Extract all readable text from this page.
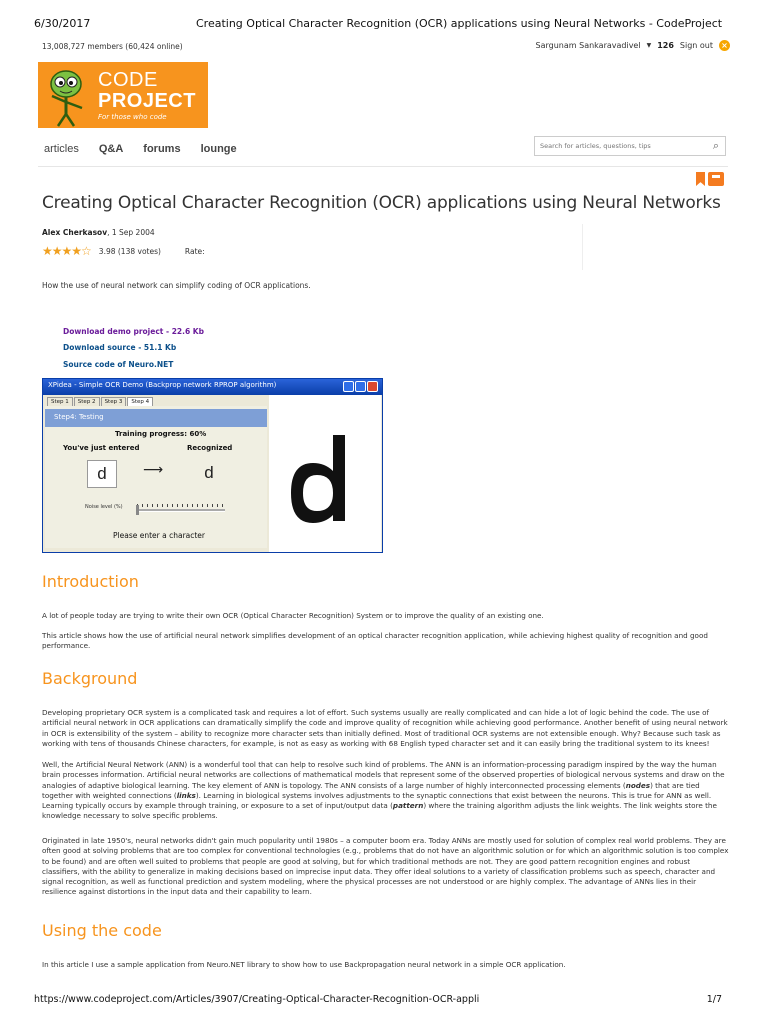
6/30/2017	Creating Optical Character Recognition (OCR) applications using Neural Networks - CodeProject
13,008,727 members (60,424 online)	Sargunam Sankaravadivel ▼ 126 Sign out ×
CODE
PROJECT
For those who code
articles Q&A forums lounge
Search for articles, questions, tips	⌕
Creating Optical Character Recognition (OCR) applications using Neural Networks
Alex Cherkasov, 1 Sep 2004
★★★★☆ 3.98 (138 votes)	Rate:
How the use of neural network can simplify coding of OCR applications.
Download demo project - 22.6 Kb
Download source - 51.1 Kb
Source code of Neuro.NET
XPidea - Simple OCR Demo (Backprop network RPROP algorithm)
Step 1	Step 2	Step 3	Step 4
Step4: Testing
Training progress: 60%
You've just entered	Recognized
d	⟶	d
Noise level (%)
Please enter a character
Introduction
A lot of people today are trying to write their own OCR (Optical Character Recognition) System or to improve the quality of an existing one.
This article shows how the use of artificial neural network simplifies development of an optical character recognition application, while achieving highest quality of recognition and good performance.
Background
Developing proprietary OCR system is a complicated task and requires a lot of effort. Such systems usually are really complicated and can hide a lot of logic behind the code. The use of artificial neural network in OCR applications can dramatically simplify the code and improve quality of recognition while achieving good performance. Another benefit of using neural network in OCR is extensibility of the system – ability to recognize more character sets than initially defined. Most of traditional OCR systems are not extensible enough. Why? Because such task as working with tens of thousands Chinese characters, for example, is not as easy as working with 68 English typed character set and it can easily bring the traditional system to its knees!
Well, the Artificial Neural Network (ANN) is a wonderful tool that can help to resolve such kind of problems. The ANN is an information-processing paradigm inspired by the way the human brain processes information. Artificial neural networks are collections of mathematical models that represent some of the observed properties of biological nervous systems and draw on the analogies of adaptive biological learning. The key element of ANN is topology. The ANN consists of a large number of highly interconnected processing elements (nodes) that are tied together with weighted connections (links). Learning in biological systems involves adjustments to the synaptic connections that exist between the neurons. This is true for ANN as well. Learning typically occurs by example through training, or exposure to a set of input/output data (pattern) where the training algorithm adjusts the link weights. The link weights store the knowledge necessary to solve specific problems.
Originated in late 1950's, neural networks didn't gain much popularity until 1980s – a computer boom era. Today ANNs are mostly used for solution of complex real world problems. They are often good at solving problems that are too complex for conventional technologies (e.g., problems that do not have an algorithmic solution or for which an algorithmic solution is too complex to be found) and are often well suited to problems that people are good at solving, but for which traditional methods are not. They are good pattern recognition engines and robust classifiers, with the ability to generalize in making decisions based on imprecise input data. They offer ideal solutions to a variety of classification problems such as speech, character and signal recognition, as well as functional prediction and system modeling, where the physical processes are not understood or are highly complex. The advantage of ANNs lies in their resilience against distortions in the input data and their capability to learn.
Using the code
In this article I use a sample application from Neuro.NET library to show how to use Backpropagation neural network in a simple OCR application.
https://www.codeproject.com/Articles/3907/Creating-Optical-Character-Recognition-OCR-appli	1/7
